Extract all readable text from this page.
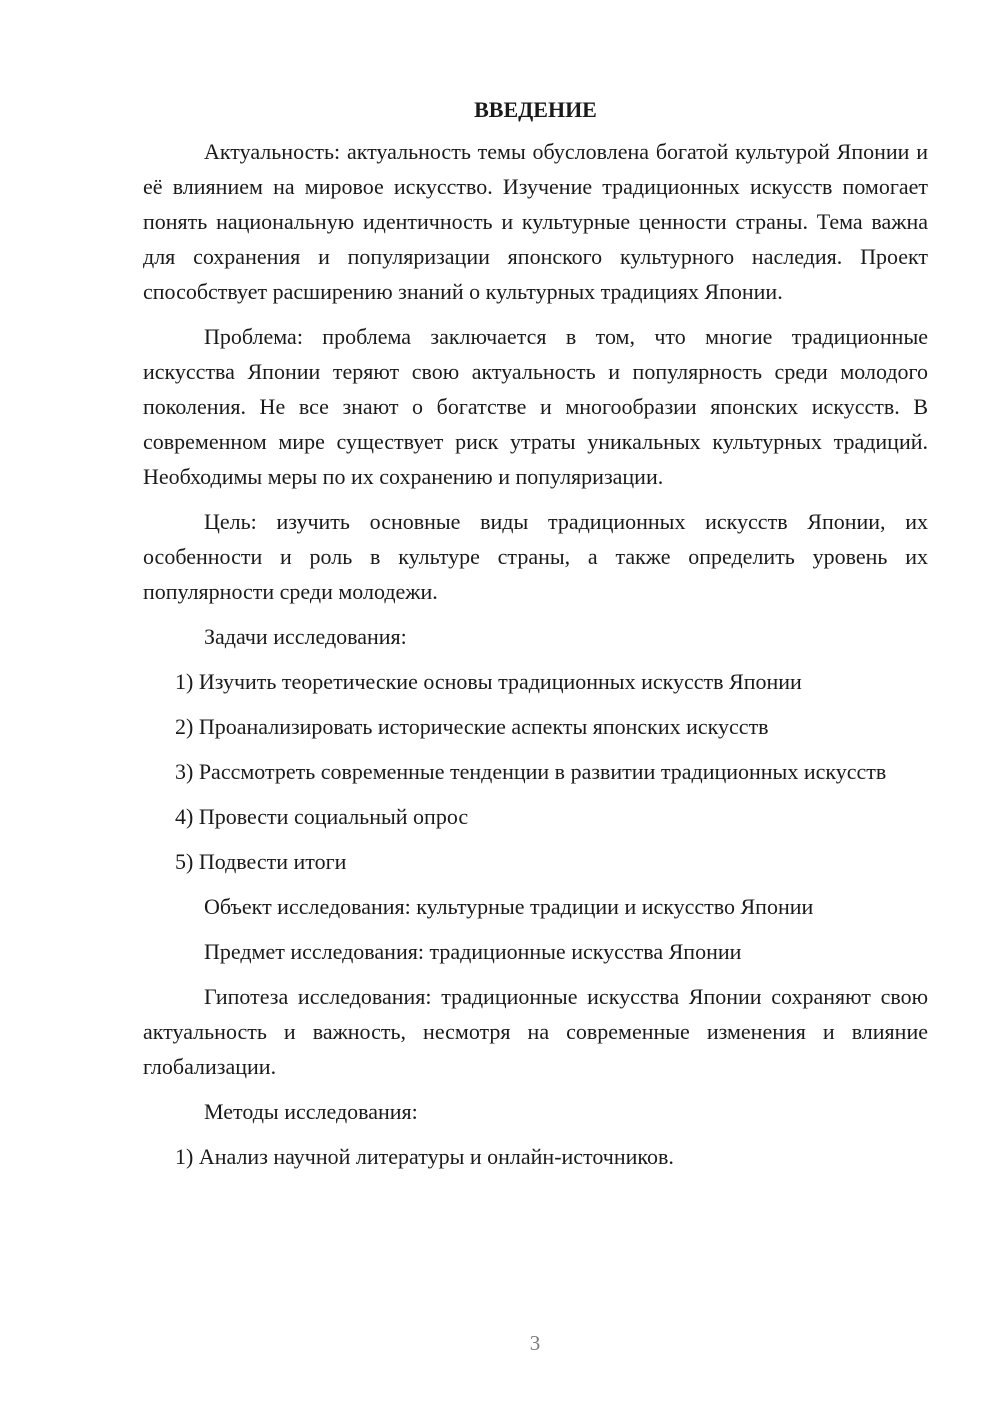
ВВЕДЕНИЕ

Актуальность: актуальность темы обусловлена богатой культурой Японии и её влиянием на мировое искусство. Изучение традиционных искусств помогает понять национальную идентичность и культурные ценности страны. Тема важна для сохранения и популяризации японского культурного наследия. Проект способствует расширению знаний о культурных традициях Японии.

Проблема: проблема заключается в том, что многие традиционные искусства Японии теряют свою актуальность и популярность среди молодого поколения. Не все знают о богатстве и многообразии японских искусств. В современном мире существует риск утраты уникальных культурных традиций. Необходимы меры по их сохранению и популяризации.

Цель: изучить основные виды традиционных искусств Японии, их особенности и роль в культуре страны, а также определить уровень их популярности среди молодежи.

Задачи исследования:

1) Изучить теоретические основы традиционных искусств Японии

2) Проанализировать исторические аспекты японских искусств

3) Рассмотреть современные тенденции в развитии традиционных искусств

4) Провести социальный опрос

5) Подвести итоги

Объект исследования: культурные традиции и искусство Японии

Предмет исследования: традиционные искусства Японии

Гипотеза исследования: традиционные искусства Японии сохраняют свою актуальность и важность, несмотря на современные изменения и влияние глобализации.

Методы исследования:

1) Анализ научной литературы и онлайн-источников.

3
